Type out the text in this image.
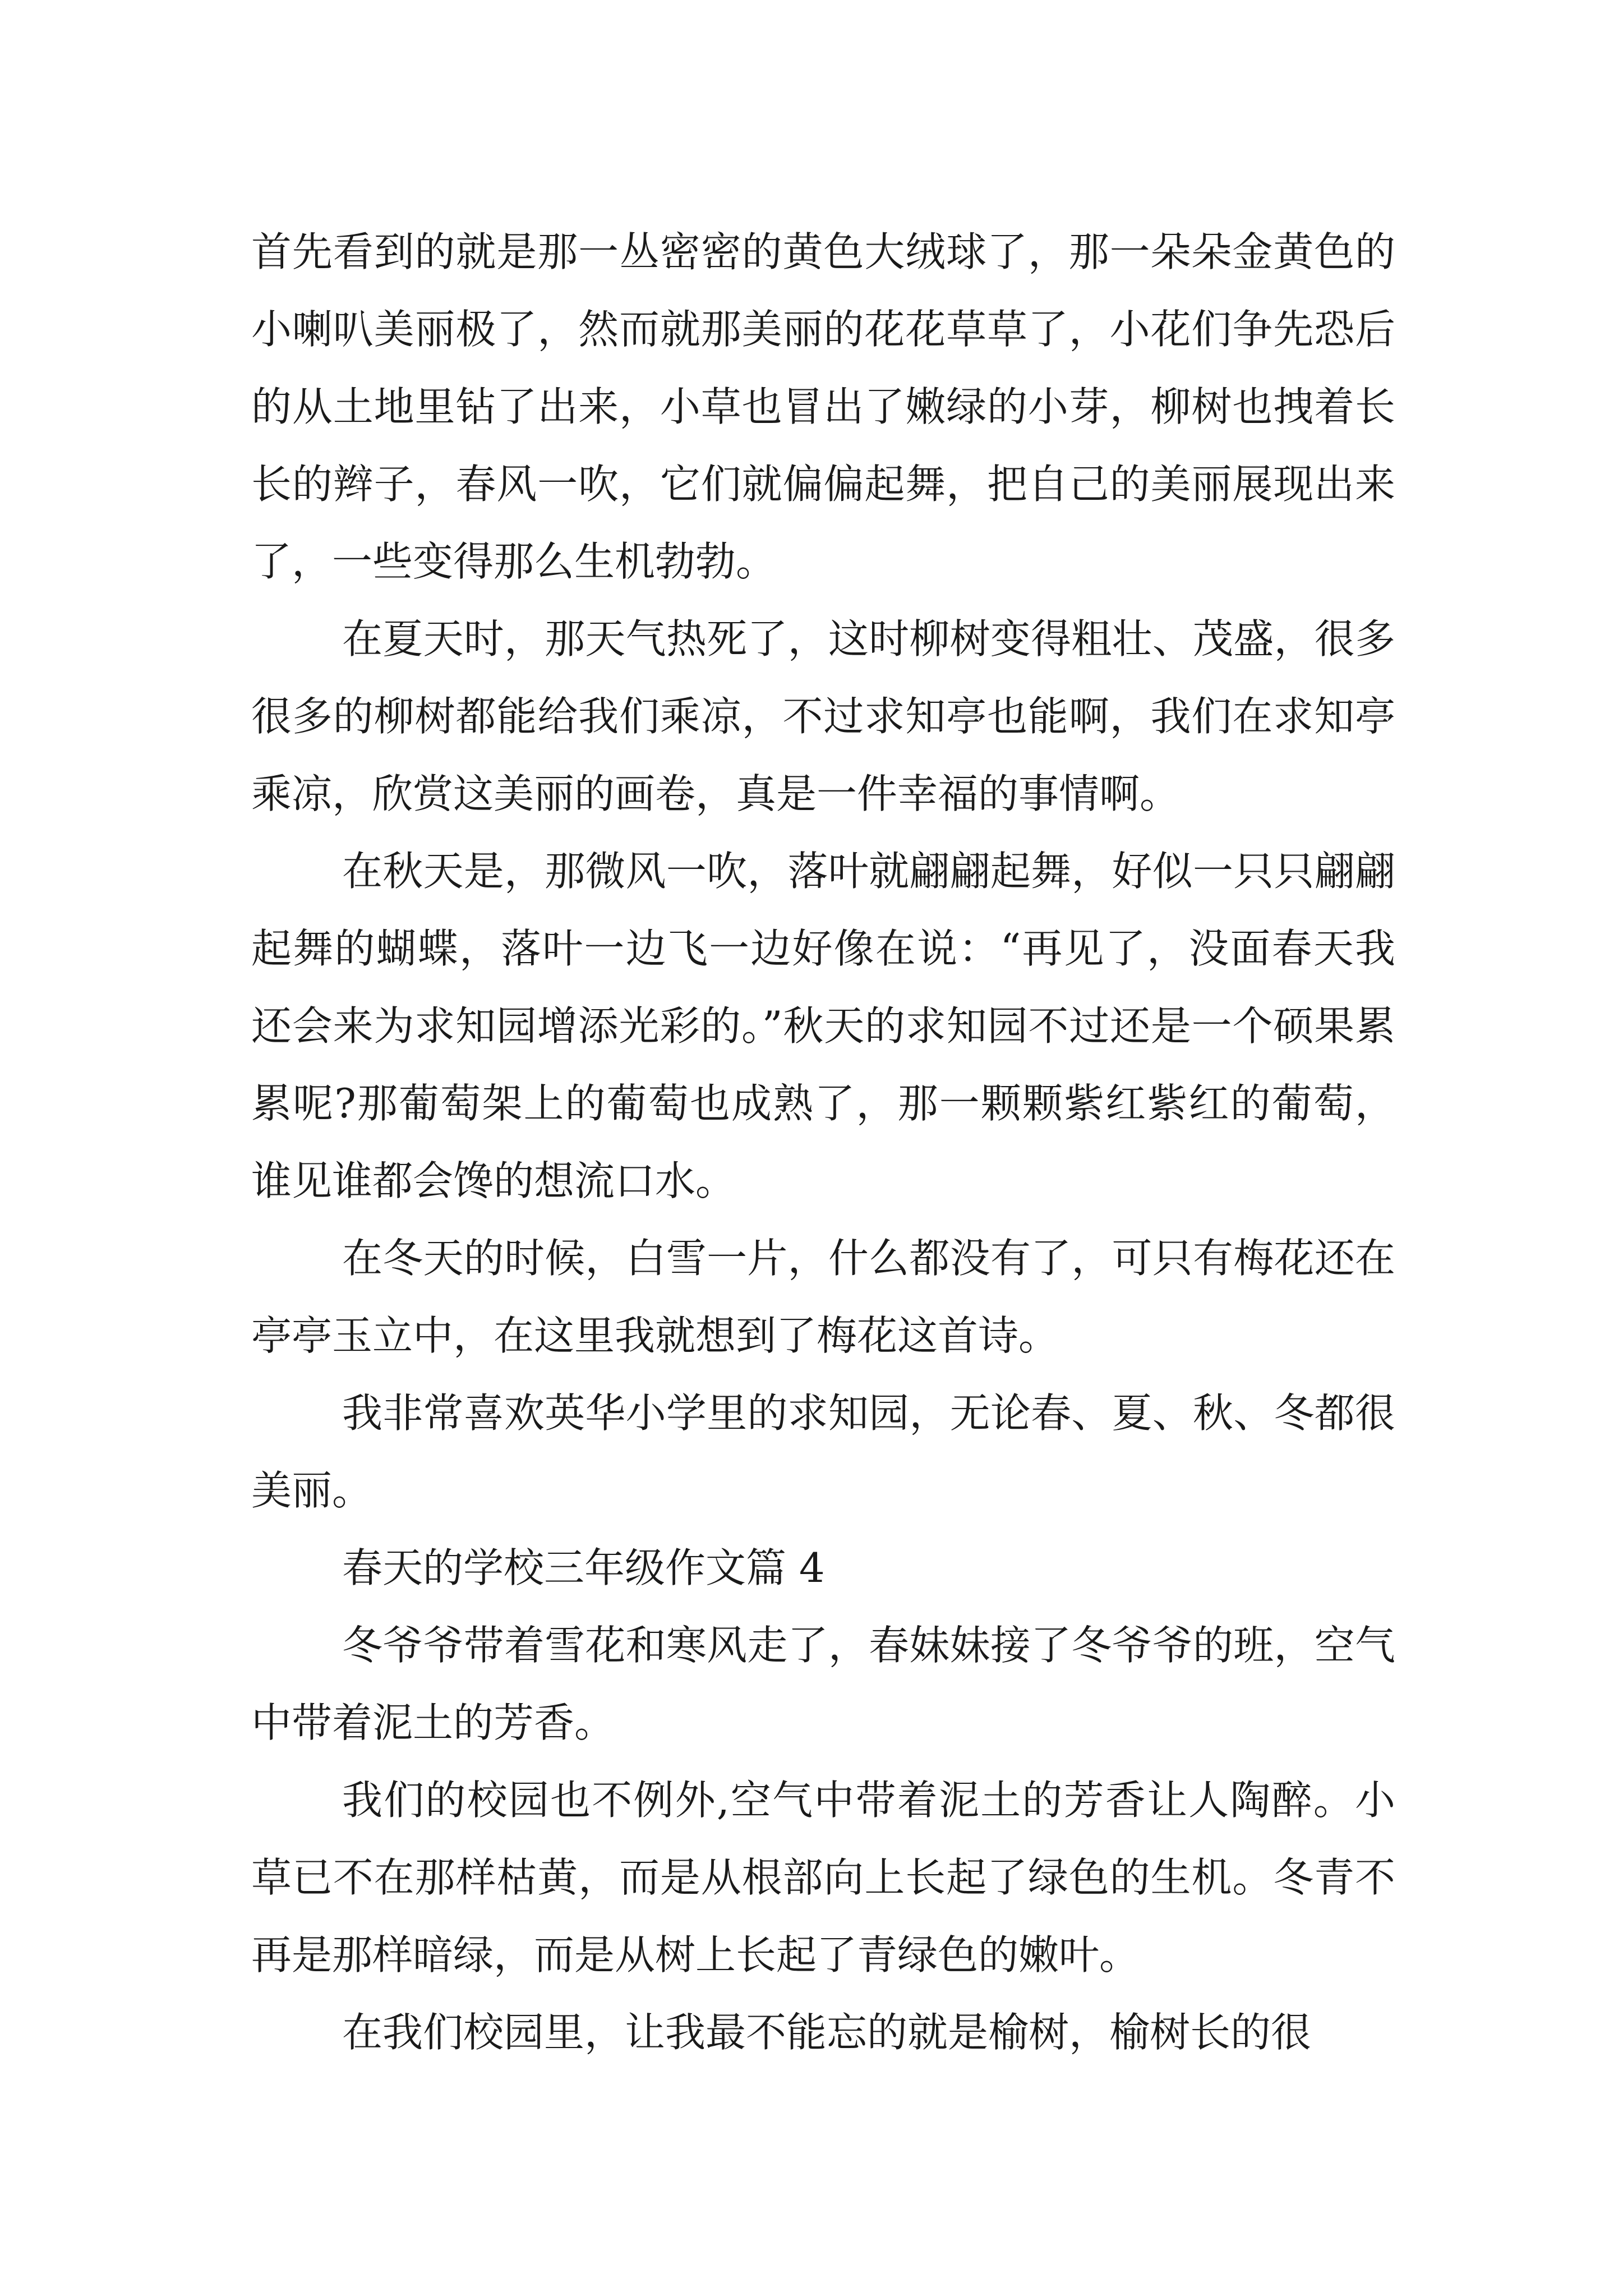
首先看到的就是那一丛密密的黄色大绒球了，那一朵朵金黄色的小喇叭美丽极了，然而就那美丽的花花草草了，小花们争先恐后的从土地里钻了出来，小草也冒出了嫩绿的小芽，柳树也拽着长长的辫子，春风一吹，它们就偏偏起舞，把自己的美丽展现出来了，一些变得那么生机勃勃。

在夏天时，那天气热死了，这时柳树变得粗壮、茂盛，很多很多的柳树都能给我们乘凉，不过求知亭也能啊，我们在求知亭乘凉，欣赏这美丽的画卷，真是一件幸福的事情啊。

在秋天是，那微风一吹，落叶就翩翩起舞，好似一只只翩翩起舞的蝴蝶，落叶一边飞一边好像在说：“再见了，没面春天我还会来为求知园增添光彩的。”秋天的求知园不过还是一个硕果累累呢?那葡萄架上的葡萄也成熟了，那一颗颗紫红紫红的葡萄，谁见谁都会馋的想流口水。

在冬天的时候，白雪一片，什么都没有了，可只有梅花还在亭亭玉立中，在这里我就想到了梅花这首诗。

我非常喜欢英华小学里的求知园，无论春、夏、秋、冬都很美丽。

春天的学校三年级作文篇 4

冬爷爷带着雪花和寒风走了，春妹妹接了冬爷爷的班，空气中带着泥土的芳香。

我们的校园也不例外,空气中带着泥土的芳香让人陶醉。小草已不在那样枯黄，而是从根部向上长起了绿色的生机。冬青不再是那样暗绿，而是从树上长起了青绿色的嫩叶。

在我们校园里，让我最不能忘的就是榆树，榆树长的很
